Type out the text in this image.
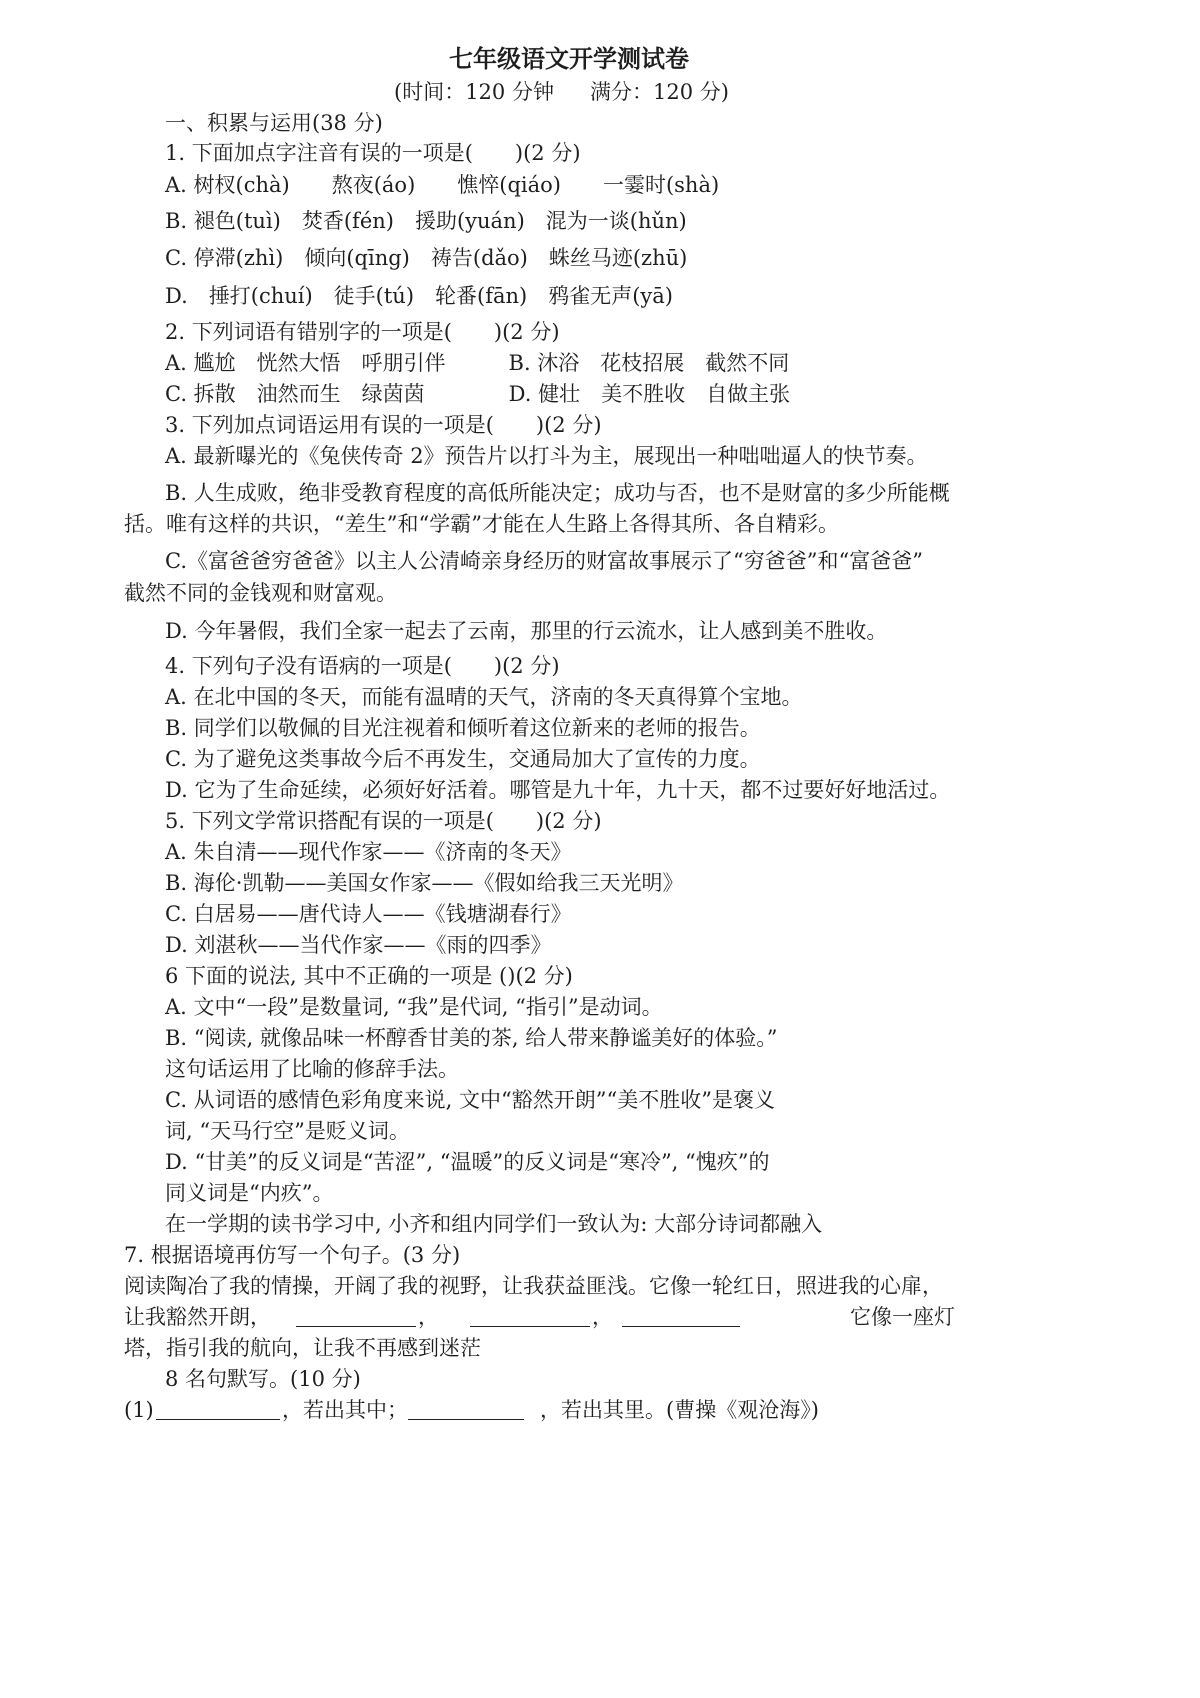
七年级语文开学测试卷
(时间：120 分钟 满分：120 分)
一、积累与运用(38 分)
1. 下面加点字注音有误的一项是(　　)(2 分)
A. 树杈(chà)　　熬夜(áo)　　憔悴(qiáo)　　一霎时(shà)
B. 褪色(tuì)　焚香(fén)　援助(yuán)　混为一谈(hǔn)
C. 停滞(zhì)　倾向(qīng)　祷告(dǎo)　蛛丝马迹(zhū)
D.　捶打(chuí)　徒手(tú)　轮番(fān)　鸦雀无声(yā)
2. 下列词语有错别字的一项是(　　)(2 分)
A. 尴尬　恍然大悟　呼朋引伴　　　B. 沐浴　花枝招展　截然不同
C. 拆散　油然而生　绿茵茵　　　　D. 健壮　美不胜收　自做主张
3. 下列加点词语运用有误的一项是(　　)(2 分)
A. 最新曝光的《兔侠传奇 2》预告片以打斗为主，展现出一种咄咄逼人的快节奏。
B. 人生成败，绝非受教育程度的高低所能决定；成功与否，也不是财富的多少所能概
括。唯有这样的共识，“差生”和“学霸”才能在人生路上各得其所、各自精彩。
C.《富爸爸穷爸爸》以主人公清崎亲身经历的财富故事展示了“穷爸爸”和“富爸爸”
截然不同的金钱观和财富观。
D. 今年暑假，我们全家一起去了云南，那里的行云流水，让人感到美不胜收。
4. 下列句子没有语病的一项是(　　)(2 分)
A. 在北中国的冬天，而能有温晴的天气，济南的冬天真得算个宝地。
B. 同学们以敬佩的目光注视着和倾听着这位新来的老师的报告。
C. 为了避免这类事故今后不再发生，交通局加大了宣传的力度。
D. 它为了生命延续，必须好好活着。哪管是九十年，九十天，都不过要好好地活过。
5. 下列文学常识搭配有误的一项是(　　)(2 分)
A. 朱自清——现代作家——《济南的冬天》
B. 海伦·凯勒——美国女作家——《假如给我三天光明》
C. 白居易——唐代诗人——《钱塘湖春行》
D. 刘湛秋——当代作家——《雨的四季》
6 下面的说法, 其中不正确的一项是 ()(2 分)
A. 文中“一段”是数量词, “我”是代词, “指引”是动词。
B. “阅读, 就像品味一杯醇香甘美的茶, 给人带来静谧美好的体验。”
这句话运用了比喻的修辞手法。
C. 从词语的感情色彩角度来说, 文中“豁然开朗”“美不胜收”是褒义
词, “天马行空”是贬义词。
D. “甘美”的反义词是“苦涩”, “温暖”的反义词是“寒冷”, “愧疚”的
同义词是“内疚”。
在一学期的读书学习中, 小齐和组内同学们一致认为: 大部分诗词都融入
7. 根据语境再仿写一个句子。(3 分)
阅读陶冶了我的情操，开阔了我的视野，让我获益匪浅。它像一轮红日，照进我的心扉，
让我豁然开朗，	，	，	它像一座灯
塔，指引我的航向，让我不再感到迷茫
8 名句默写。(10 分)
(1)	，若出其中；	，若出其里。(曹操《观沧海》)
